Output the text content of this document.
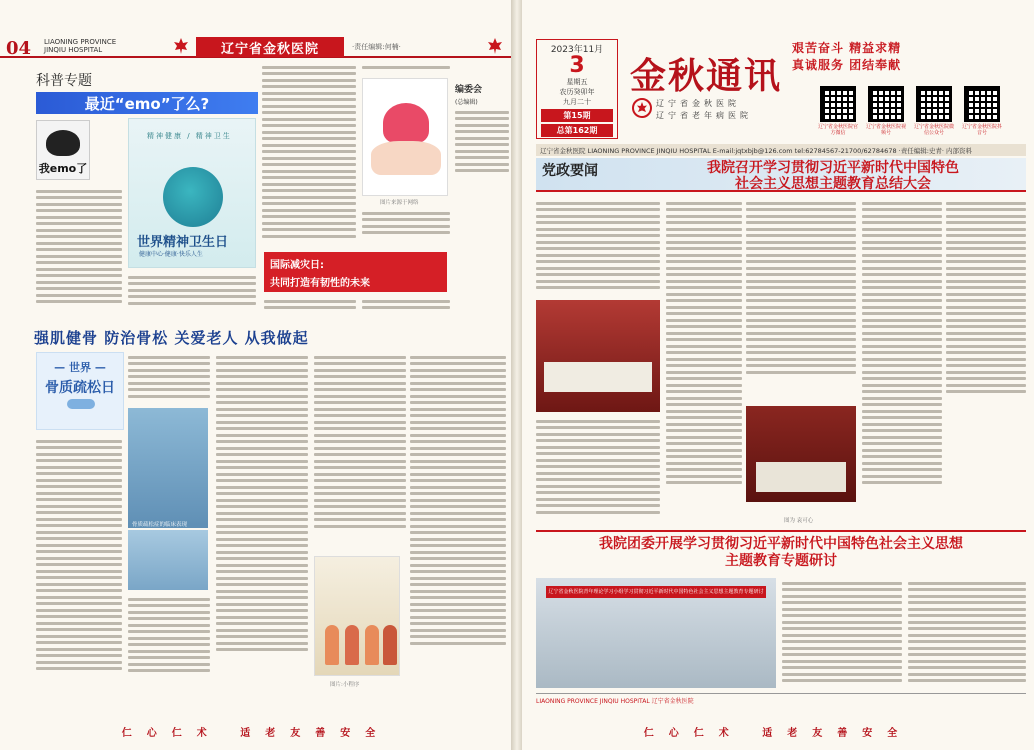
04 LIAONING PROVINCE
JINQIU HOSPITAL	辽宁省金秋医院	·责任编辑:何楠·
科普专题
最近“emo”了么?
我emo了
精神健康 / 精神卫生
世界精神卫生日
健康中心·健康·快乐人生
图片来源于网络
国际减灾日:
共同打造有韧性的未来
编委会
(总编辑)
强肌健骨 防治骨松 关爱老人 从我做起
— 世界 —
骨质疏松日
骨质疏松症的临床表现
图片:小程序
仁心仁术 适老友善安全
2023年11月
3
星期五
农历癸卯年
九月二十
第15期
总第162期
金秋通讯
辽宁省金秋医院
辽宁省老年病医院
艰苦奋斗 精益求精
真诚服务 团结奉献
辽宁省金秋医院官方微信
辽宁省金秋医院视频号
辽宁省金秋医院微信公众号
辽宁省金秋医院抖音号
辽宁省金秋医院 LIAONING PROVINCE JINQIU HOSPITAL E-mail:jqtxbjb@126.com tel:62784567-21700/62784678 ·责任编辑:史青· 内部资料
党政要闻	我院召开学习贯彻习近平新时代中国特色
社会主义思想主题教育总结大会
图为 袁可心
我院团委开展学习贯彻习近平新时代中国特色社会主义思想
主题教育专题研讨
辽宁省金秋医院青年理论学习小组学习贯彻习近平新时代中国特色社会主义思想主题教育专题研讨
LIAONING PROVINCE JINQIU HOSPITAL 辽宁省金秋医院
仁心仁术 适老友善安全
